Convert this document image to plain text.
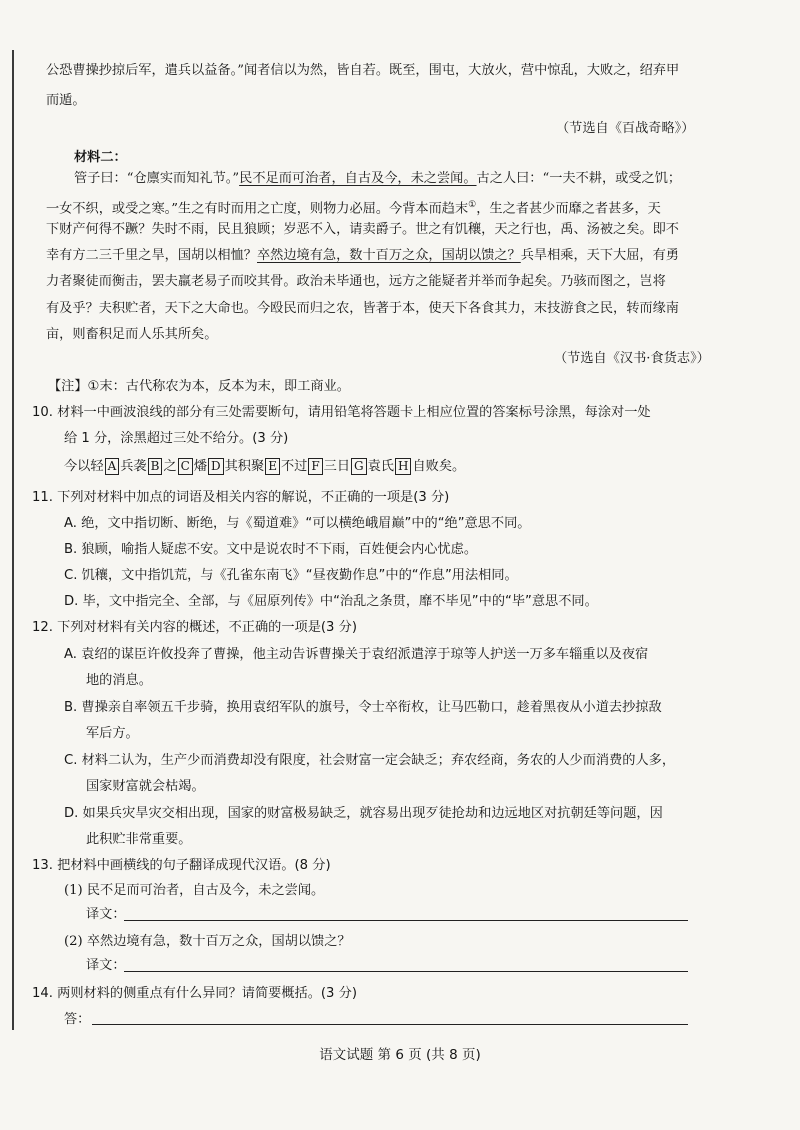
公恐曹操抄掠后军，遣兵以益备。”闻者信以为然，皆自若。既至，围屯，大放火，营中惊乱，大败之，绍弃甲
而遁。
（节选自《百战奇略》）
材料二：
管子曰：“仓廪实而知礼节。”民不足而可治者，自古及今，未之尝闻。古之人曰：“一夫不耕，或受之饥；
一女不织，或受之寒。”生之有时而用之亡度，则物力必屈。今背本而趋末①，生之者甚少而靡之者甚多，天
下财产何得不蹶？失时不雨，民且狼顾；岁恶不入，请卖爵子。世之有饥穰，天之行也，禹、汤被之矣。即不
幸有方二三千里之旱，国胡以相恤？卒然边境有急，数十百万之众，国胡以馈之？兵旱相乘，天下大屈，有勇
力者聚徒而衡击，罢夫羸老易子而咬其骨。政治未毕通也，远方之能疑者并举而争起矣。乃骇而图之，岂将
有及乎？夫积贮者，天下之大命也。今殴民而归之农，皆著于本，使天下各食其力，末技游食之民，转而缘南
亩，则畜积足而人乐其所矣。
（节选自《汉书·食货志》）
【注】①末：古代称农为本，反本为末，即工商业。
10. 材料一中画波浪线的部分有三处需要断句，请用铅笔将答题卡上相应位置的答案标号涂黑，每涂对一处
给 1 分，涂黑超过三处不给分。(3 分)
今以轻 A 兵袭 B 之 C 燔 D 其积聚 E 不过 F 三日 G 袁氏 H 自败矣。
11. 下列对材料中加点的词语及相关内容的解说，不正确的一项是(3 分)
A. 绝，文中指切断、断绝，与《蜀道难》“可以横绝峨眉巅”中的“绝”意思不同。
B. 狼顾，喻指人疑虑不安。文中是说农时不下雨，百姓便会内心忧虑。
C. 饥穰，文中指饥荒，与《孔雀东南飞》“昼夜勤作息”中的“作息”用法相同。
D. 毕，文中指完全、全部，与《屈原列传》中“治乱之条贯，靡不毕见”中的“毕”意思不同。
12. 下列对材料有关内容的概述，不正确的一项是(3 分)
A. 袁绍的谋臣许攸投奔了曹操，他主动告诉曹操关于袁绍派遣淳于琼等人护送一万多车辎重以及夜宿
地的消息。
B. 曹操亲自率领五千步骑，换用袁绍军队的旗号，令士卒衔枚，让马匹勒口，趁着黑夜从小道去抄掠敌
军后方。
C. 材料二认为，生产少而消费却没有限度，社会财富一定会缺乏；弃农经商，务农的人少而消费的人多，
国家财富就会枯竭。
D. 如果兵灾旱灾交相出现，国家的财富极易缺乏，就容易出现歹徒抢劫和边远地区对抗朝廷等问题，因
此积贮非常重要。
13. 把材料中画横线的句子翻译成现代汉语。(8 分)
(1) 民不足而可治者，自古及今，未之尝闻。
译文：
(2) 卒然边境有急，数十百万之众，国胡以馈之？
译文：
14. 两则材料的侧重点有什么异同？请简要概括。(3 分)
答：
语文试题 第 6 页 (共 8 页)
